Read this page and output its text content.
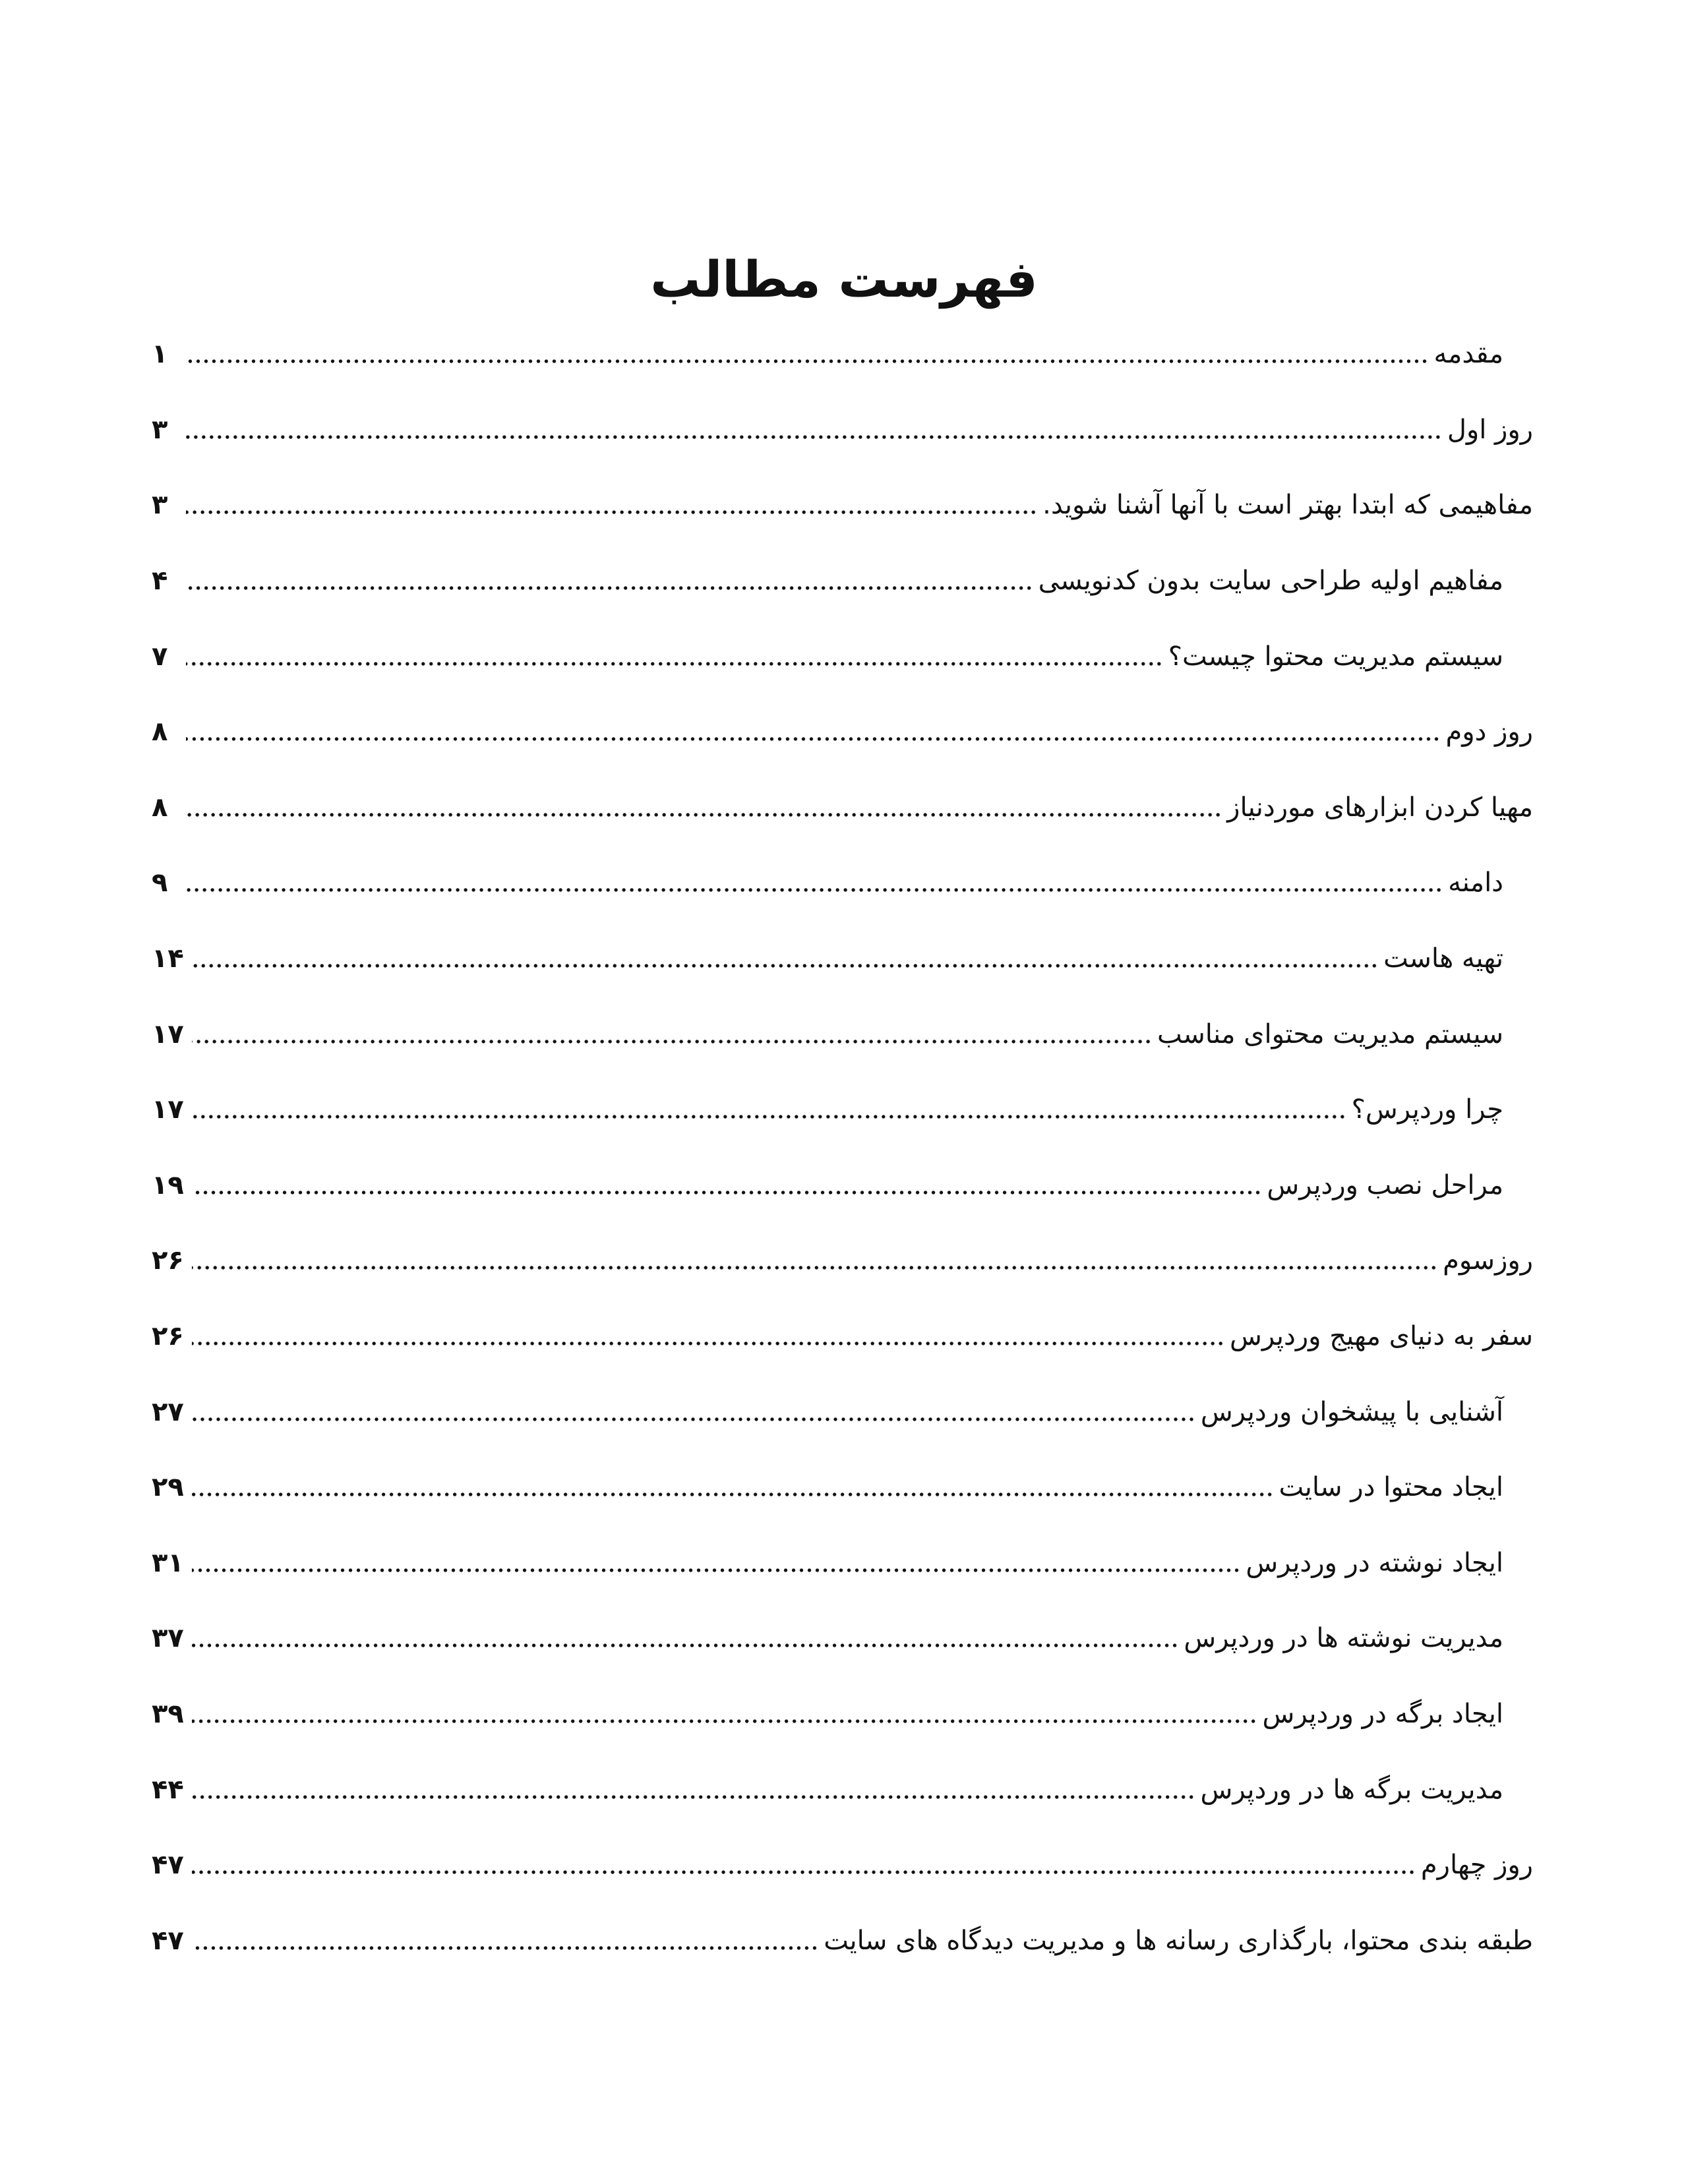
فهرست مطالب
مقدمه
۱
روز اول
۳
مفاهیمی که ابتدا بهتر است با آنها آشنا شوید.
۳
مفاهیم اولیه طراحی سایت بدون کدنویسی
۴
سیستم مدیریت محتوا چیست؟
۷
روز دوم
۸
مهیا کردن ابزارهای موردنیاز
۸
دامنه
۹
تهیه هاست
۱۴
سیستم مدیریت محتوای مناسب
۱۷
چرا وردپرس؟
۱۷
مراحل نصب وردپرس
۱۹
روزسوم
۲۶
سفر به دنیای مهیج وردپرس
۲۶
آشنایی با پیشخوان وردپرس
۲۷
ایجاد محتوا در سایت
۲۹
ایجاد نوشته در وردپرس
۳۱
مدیریت نوشته ها در وردپرس
۳۷
ایجاد برگه در وردپرس
۳۹
مدیریت برگه ها در وردپرس
۴۴
روز چهارم
۴۷
طبقه بندی محتوا، بارگذاری رسانه ها و مدیریت دیدگاه های سایت
۴۷
